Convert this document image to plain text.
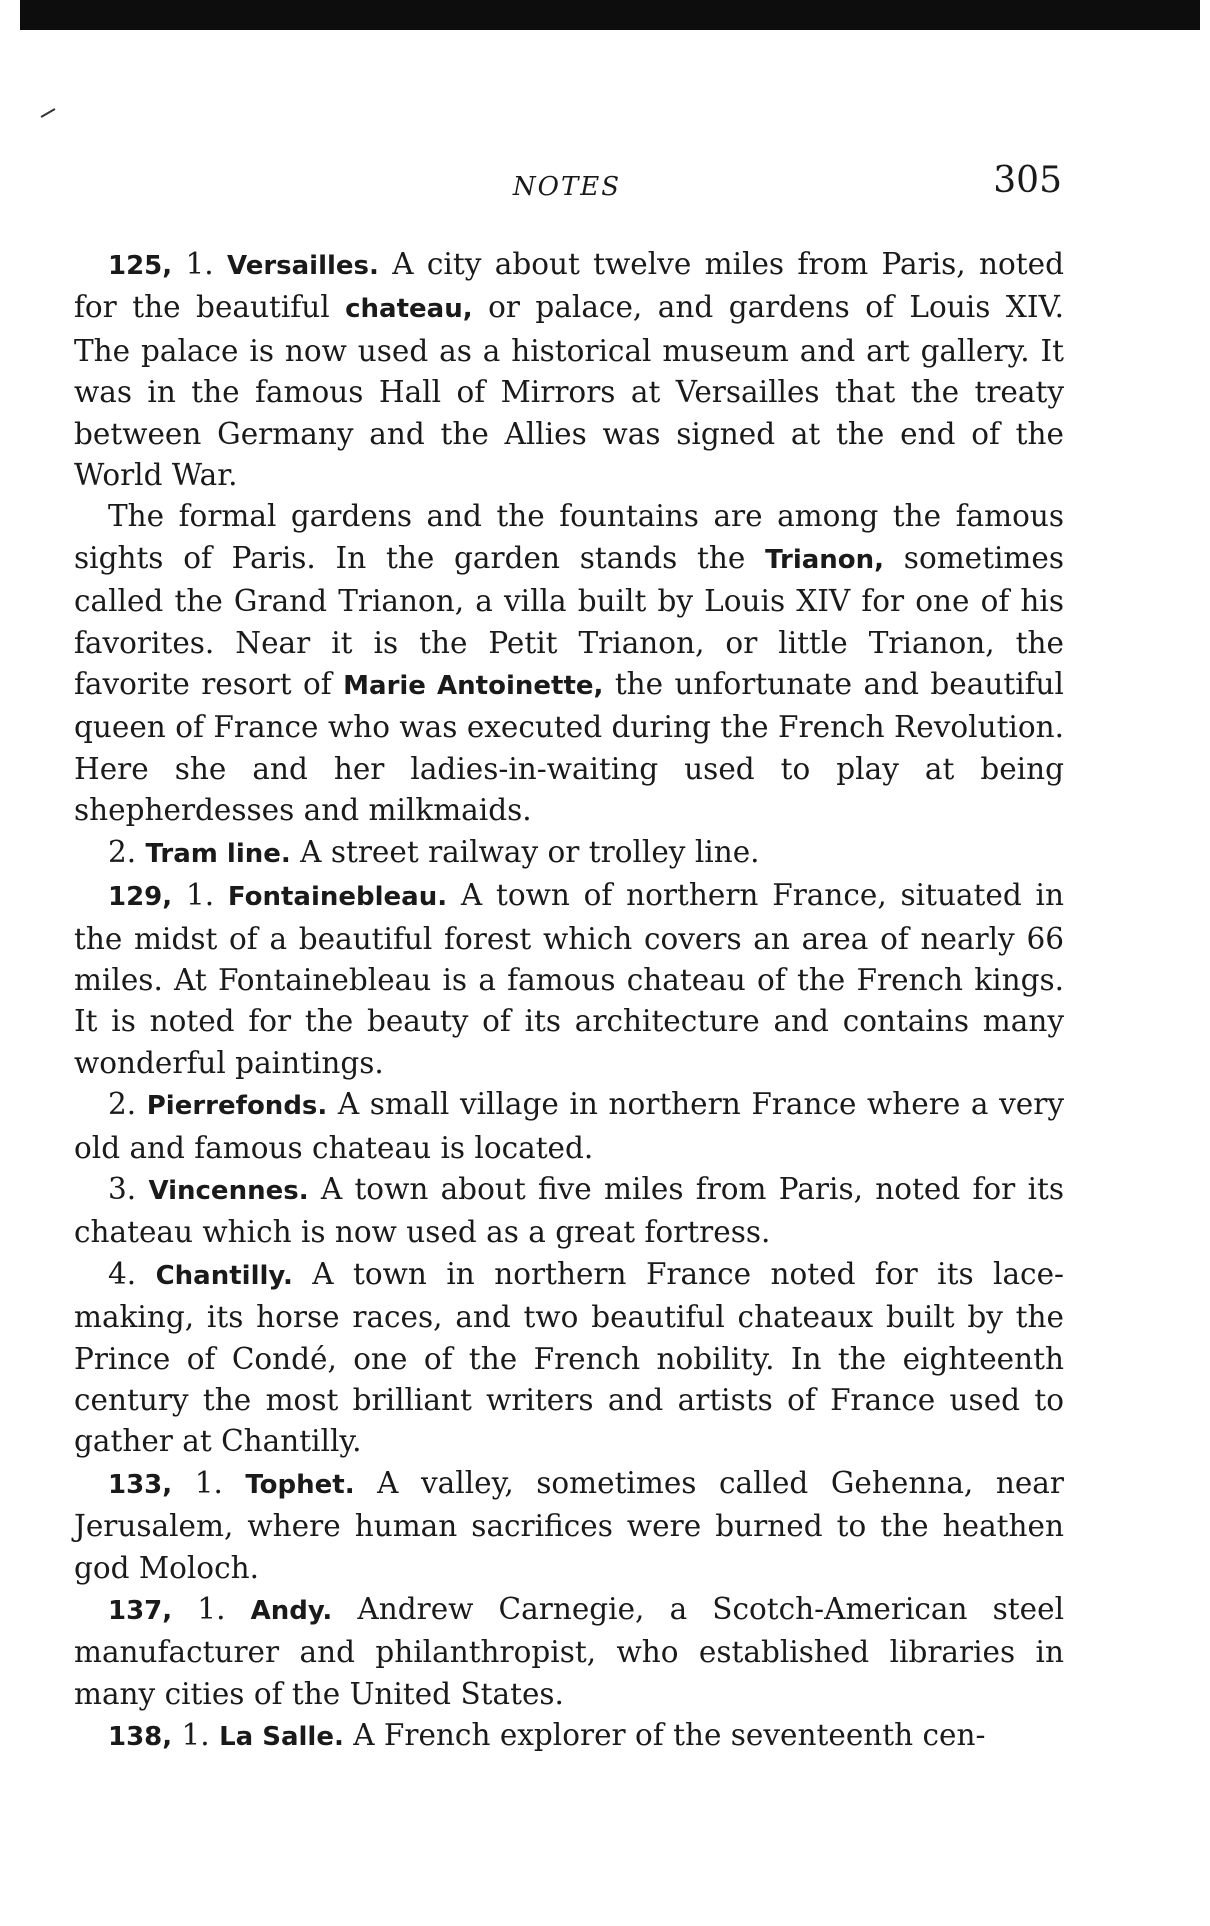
NOTES	305

125, 1. Versailles. A city about twelve miles from Paris, noted for the beautiful chateau, or palace, and gardens of Louis XIV. The palace is now used as a historical museum and art gallery. It was in the famous Hall of Mirrors at Versailles that the treaty between Germany and the Allies was signed at the end of the World War.

The formal gardens and the fountains are among the famous sights of Paris. In the garden stands the Trianon, sometimes called the Grand Trianon, a villa built by Louis XIV for one of his favorites. Near it is the Petit Trianon, or little Trianon, the favorite resort of Marie Antoinette, the unfortunate and beautiful queen of France who was executed during the French Revolution. Here she and her ladies-in-waiting used to play at being shepherdesses and milkmaids.

2. Tram line. A street railway or trolley line.

129, 1. Fontainebleau. A town of northern France, situated in the midst of a beautiful forest which covers an area of nearly 66 miles. At Fontainebleau is a famous chateau of the French kings. It is noted for the beauty of its architecture and contains many wonderful paintings.

2. Pierrefonds. A small village in northern France where a very old and famous chateau is located.

3. Vincennes. A town about five miles from Paris, noted for its chateau which is now used as a great fortress.

4. Chantilly. A town in northern France noted for its lace-making, its horse races, and two beautiful chateaux built by the Prince of Condé, one of the French nobility. In the eighteenth century the most brilliant writers and artists of France used to gather at Chantilly.

133, 1. Tophet. A valley, sometimes called Gehenna, near Jerusalem, where human sacrifices were burned to the heathen god Moloch.

137, 1. Andy. Andrew Carnegie, a Scotch-American steel manufacturer and philanthropist, who established libraries in many cities of the United States.

138, 1. La Salle. A French explorer of the seventeenth cen-
